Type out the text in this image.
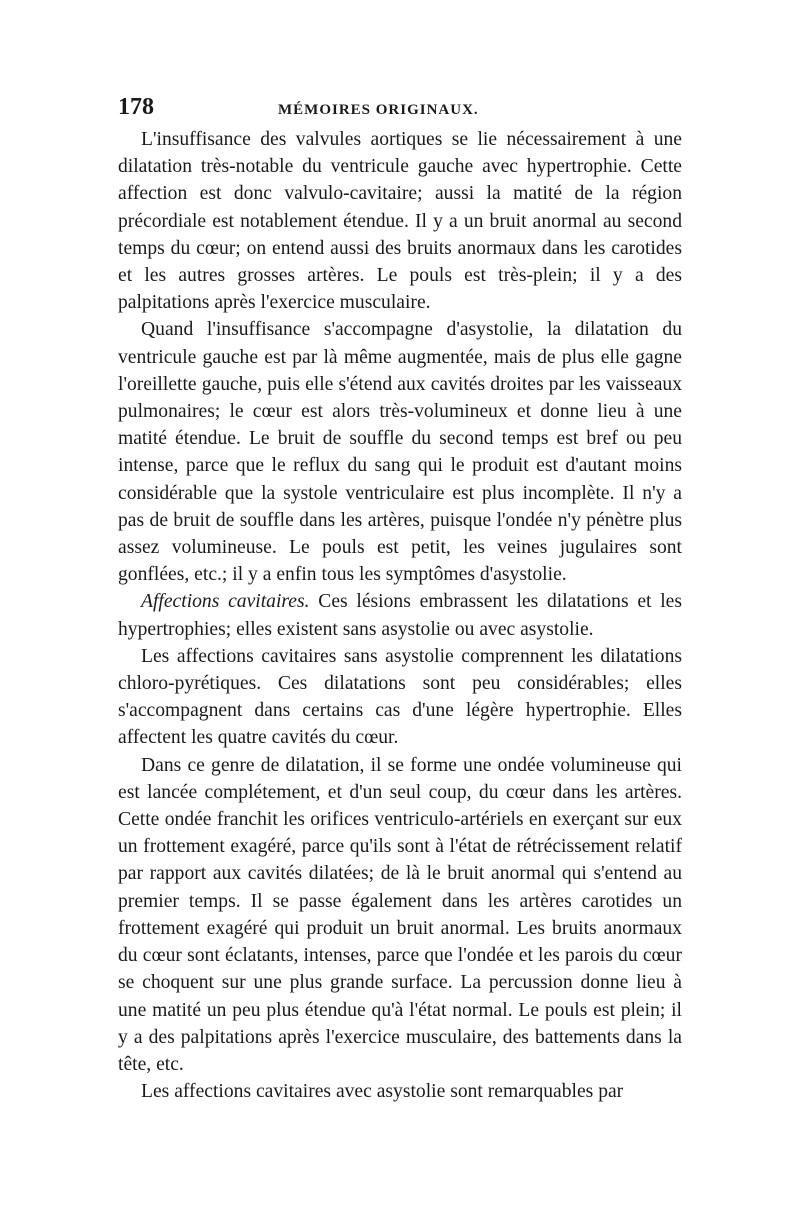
178	MÉMOIRES ORIGINAUX.

L'insuffisance des valvules aortiques se lie nécessairement à une dilatation très-notable du ventricule gauche avec hypertrophie. Cette affection est donc valvulo-cavitaire; aussi la matité de la région précordiale est notablement étendue. Il y a un bruit anormal au second temps du cœur; on entend aussi des bruits anormaux dans les carotides et les autres grosses artères. Le pouls est très-plein; il y a des palpitations après l'exercice musculaire.

Quand l'insuffisance s'accompagne d'asystolie, la dilatation du ventricule gauche est par là même augmentée, mais de plus elle gagne l'oreillette gauche, puis elle s'étend aux cavités droites par les vaisseaux pulmonaires; le cœur est alors très-volumineux et donne lieu à une matité étendue. Le bruit de souffle du second temps est bref ou peu intense, parce que le reflux du sang qui le produit est d'autant moins considérable que la systole ventriculaire est plus incomplète. Il n'y a pas de bruit de souffle dans les artères, puisque l'ondée n'y pénètre plus assez volumineuse. Le pouls est petit, les veines jugulaires sont gonflées, etc.; il y a enfin tous les symptômes d'asystolie.

Affections cavitaires. Ces lésions embrassent les dilatations et les hypertrophies; elles existent sans asystolie ou avec asystolie.

Les affections cavitaires sans asystolie comprennent les dilatations chloro-pyrétiques. Ces dilatations sont peu considérables; elles s'accompagnent dans certains cas d'une légère hypertrophie. Elles affectent les quatre cavités du cœur.

Dans ce genre de dilatation, il se forme une ondée volumineuse qui est lancée complétement, et d'un seul coup, du cœur dans les artères. Cette ondée franchit les orifices ventriculo-artériels en exerçant sur eux un frottement exagéré, parce qu'ils sont à l'état de rétrécissement relatif par rapport aux cavités dilatées; de là le bruit anormal qui s'entend au premier temps. Il se passe également dans les artères carotides un frottement exagéré qui produit un bruit anormal. Les bruits anormaux du cœur sont éclatants, intenses, parce que l'ondée et les parois du cœur se choquent sur une plus grande surface. La percussion donne lieu à une matité un peu plus étendue qu'à l'état normal. Le pouls est plein; il y a des palpitations après l'exercice musculaire, des battements dans la tête, etc.

Les affections cavitaires avec asystolie sont remarquables par
